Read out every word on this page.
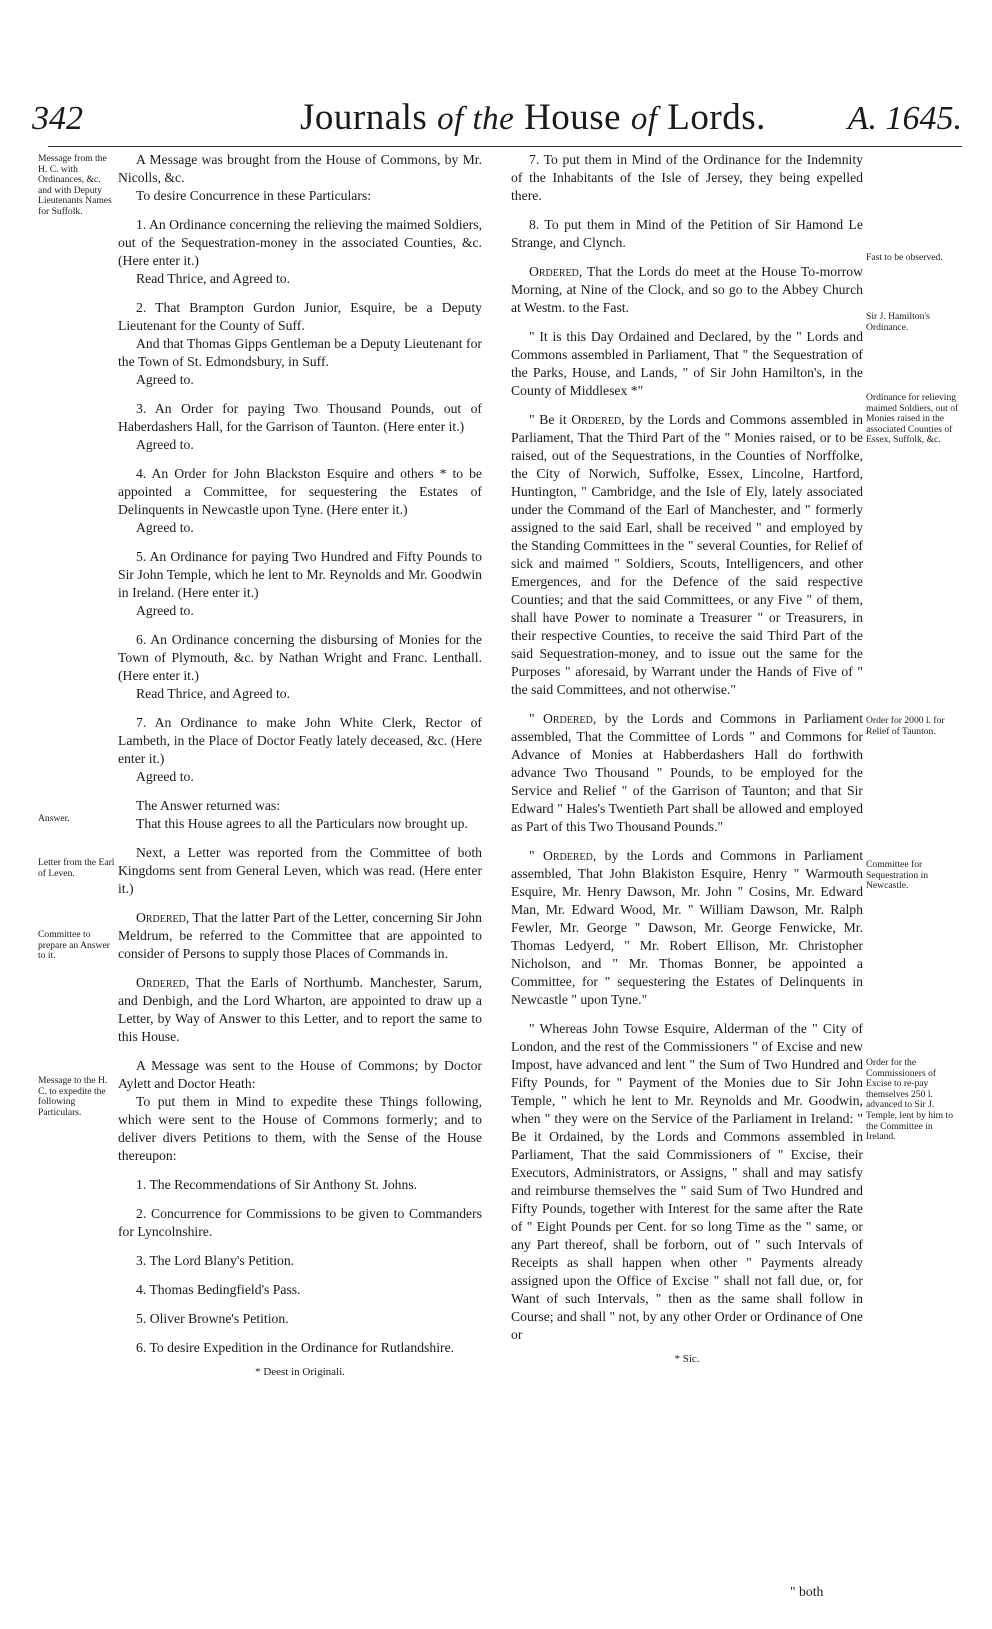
342	Journals of the House of Lords. A. 1645.

A Message was brought from the House of Commons, by Mr. Nicolls, &c.

To desire Concurrence in these Particulars:

1. An Ordinance concerning the relieving the maimed Soldiers, out of the Sequestration-money in the associated Counties, &c. (Here enter it.)

Read Thrice, and Agreed to.

2. That Brampton Gurdon Junior, Esquire, be a Deputy Lieutenant for the County of Suff.

And that Thomas Gipps Gentleman be a Deputy Lieutenant for the Town of St. Edmondsbury, in Suff.

Agreed to.

3. An Order for paying Two Thousand Pounds, out of Haberdashers Hall, for the Garrison of Taunton. (Here enter it.)

Agreed to.

4. An Order for John Blackston Esquire and others * to be appointed a Committee, for sequestering the Estates of Delinquents in Newcastle upon Tyne. (Here enter it.)

Agreed to.

5. An Ordinance for paying Two Hundred and Fifty Pounds to Sir John Temple, which he lent to Mr. Reynolds and Mr. Goodwin in Ireland. (Here enter it.)

Agreed to.

6. An Ordinance concerning the disbursing of Monies for the Town of Plymouth, &c. by Nathan Wright and Franc. Lenthall. (Here enter it.)

Read Thrice, and Agreed to.

7. An Ordinance to make John White Clerk, Rector of Lambeth, in the Place of Doctor Featly lately deceased, &c. (Here enter it.)

Agreed to.

The Answer returned was:

That this House agrees to all the Particulars now brought up.

Next, a Letter was reported from the Committee of both Kingdoms sent from General Leven, which was read. (Here enter it.)

Ordered, That the latter Part of the Letter, concerning Sir John Meldrum, be referred to the Committee that are appointed to consider of Persons to supply those Places of Commands in.

Ordered, That the Earls of Northumb. Manchester, Sarum, and Denbigh, and the Lord Wharton, are appointed to draw up a Letter, by Way of Answer to this Letter, and to report the same to this House.

A Message was sent to the House of Commons; by Doctor Aylett and Doctor Heath:

To put them in Mind to expedite these Things following, which were sent to the House of Commons formerly; and to deliver divers Petitions to them, with the Sense of the House thereupon:

1. The Recommendations of Sir Anthony St. Johns.

2. Concurrence for Commissions to be given to Commanders for Lyncolnshire.

3. The Lord Blany's Petition.

4. Thomas Bedingfield's Pass.

5. Oliver Browne's Petition.

6. To desire Expedition in the Ordinance for Rutlandshire.

* Deest in Originali.

7. To put them in Mind of the Ordinance for the Indemnity of the Inhabitants of the Isle of Jersey, they being expelled there.

8. To put them in Mind of the Petition of Sir Hamond Le Strange, and Clynch.

Ordered, That the Lords do meet at the House To-morrow Morning, at Nine of the Clock, and so go to the Abbey Church at Westm. to the Fast.

" It is this Day Ordained and Declared, by the " Lords and Commons assembled in Parliament, That " the Sequestration of the Parks, House, and Lands, " of Sir John Hamilton's, in the County of Middlesex *"

" Be it Ordered, by the Lords and Commons assembled in Parliament, That the Third Part of the " Monies raised, or to be raised, out of the Sequestrations, in the Counties of Norffolke, the City of Norwich, Suffolke, Essex, Lincolne, Hartford, Huntington, " Cambridge, and the Isle of Ely, lately associated under the Command of the Earl of Manchester, and " formerly assigned to the said Earl, shall be received " and employed by the Standing Committees in the " several Counties, for Relief of sick and maimed " Soldiers, Scouts, Intelligencers, and other Emergences, and for the Defence of the said respective Counties; and that the said Committees, or any Five " of them, shall have Power to nominate a Treasurer " or Treasurers, in their respective Counties, to receive the said Third Part of the said Sequestration-money, and to issue out the same for the Purposes " aforesaid, by Warrant under the Hands of Five of " the said Committees, and not otherwise."

" Ordered, by the Lords and Commons in Parliament assembled, That the Committee of Lords " and Commons for Advance of Monies at Habberdashers Hall do forthwith advance Two Thousand " Pounds, to be employed for the Service and Relief " of the Garrison of Taunton; and that Sir Edward " Hales's Twentieth Part shall be allowed and employed as Part of this Two Thousand Pounds."

" Ordered, by the Lords and Commons in Parliament assembled, That John Blakiston Esquire, Henry " Warmouth Esquire, Mr. Henry Dawson, Mr. John " Cosins, Mr. Edward Man, Mr. Edward Wood, Mr. " William Dawson, Mr. Ralph Fewler, Mr. George " Dawson, Mr. George Fenwicke, Mr. Thomas Ledyerd, " Mr. Robert Ellison, Mr. Christopher Nicholson, and " Mr. Thomas Bonner, be appointed a Committee, for " sequestering the Estates of Delinquents in Newcastle " upon Tyne."

" Whereas John Towse Esquire, Alderman of the " City of London, and the rest of the Commissioners " of Excise and new Impost, have advanced and lent " the Sum of Two Hundred and Fifty Pounds, for " Payment of the Monies due to Sir John Temple, " which he lent to Mr. Reynolds and Mr. Goodwin, when " they were on the Service of the Parliament in Ireland: " Be it Ordained, by the Lords and Commons assembled in Parliament, That the said Commissioners of " Excise, their Executors, Administrators, or Assigns, " shall and may satisfy and reimburse themselves the " said Sum of Two Hundred and Fifty Pounds, together with Interest for the same after the Rate of " Eight Pounds per Cent. for so long Time as the " same, or any Part thereof, shall be forborn, out of " such Intervals of Receipts as shall happen when other " Payments already assigned upon the Office of Excise " shall not fall due, or, for Want of such Intervals, " then as the same shall follow in Course; and shall " not, by any other Order or Ordinance of One or

* Sic.

" both
Message from the H. C. with Ordinances, &c. and with Deputy Lieutenants Names for Suffolk.
Answer.
Letter from the Earl of Leven.
Committee to prepare an Answer to it.
Message to the H. C. to expedite the following Particulars.
Fast to be observed.
Sir J. Hamilton's Ordinance.
Ordinance for relieving maimed Soldiers, out of Monies raised in the associated Counties of Essex, Suffolk, &c.
Order for 2000 l. for Relief of Taunton.
Committee for Sequestration in Newcastle.
Order for the Commissioners of Excise to re-pay themselves 250 l. advanced to Sir J. Temple, lent by him to the Committee in Ireland.
